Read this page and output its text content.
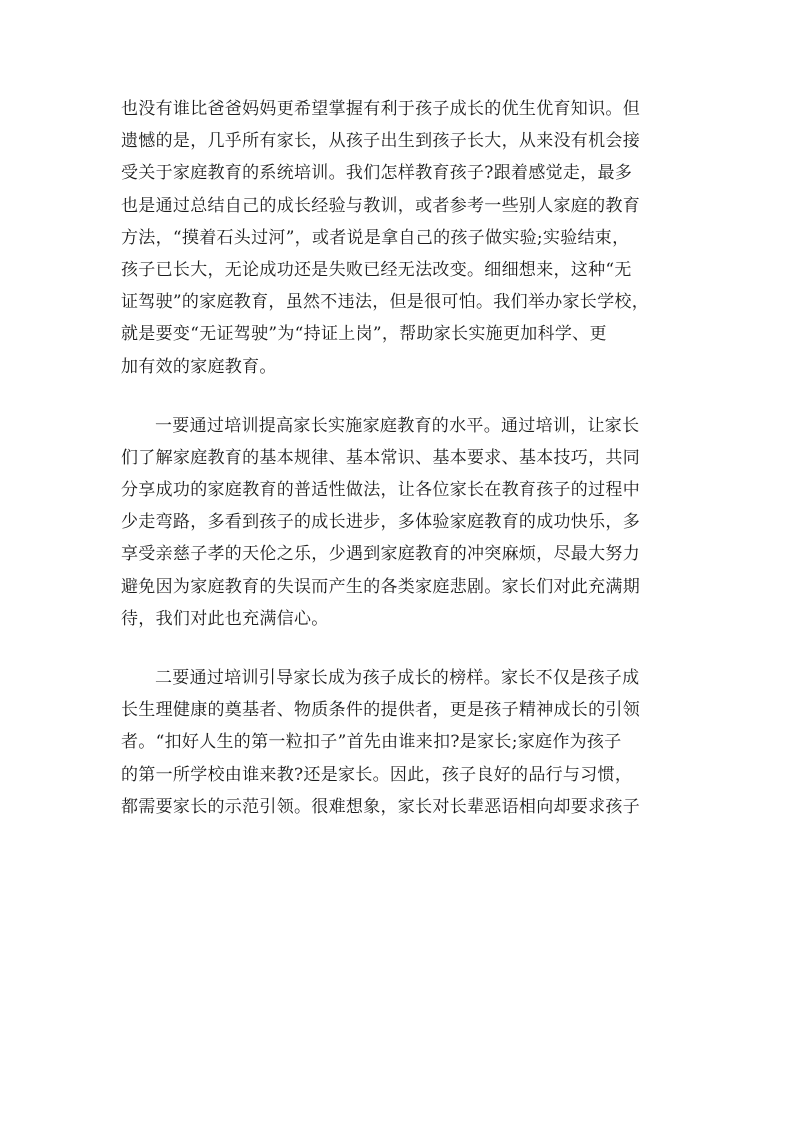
也没有谁比爸爸妈妈更希望掌握有利于孩子成长的优生优育知识。但
遗憾的是，几乎所有家长，从孩子出生到孩子长大，从来没有机会接
受关于家庭教育的系统培训。我们怎样教育孩子?跟着感觉走，最多
也是通过总结自己的成长经验与教训，或者参考一些别人家庭的教育
方法，“摸着石头过河”，或者说是拿自己的孩子做实验;实验结束，
孩子已长大，无论成功还是失败已经无法改变。细细想来，这种“无
证驾驶”的家庭教育，虽然不违法，但是很可怕。我们举办家长学校，
就是要变“无证驾驶”为“持证上岗”，帮助家长实施更加科学、更
加有效的家庭教育。
一要通过培训提高家长实施家庭教育的水平。通过培训，让家长
们了解家庭教育的基本规律、基本常识、基本要求、基本技巧，共同
分享成功的家庭教育的普适性做法，让各位家长在教育孩子的过程中
少走弯路，多看到孩子的成长进步，多体验家庭教育的成功快乐，多
享受亲慈子孝的天伦之乐，少遇到家庭教育的冲突麻烦，尽最大努力
避免因为家庭教育的失误而产生的各类家庭悲剧。家长们对此充满期
待，我们对此也充满信心。
二要通过培训引导家长成为孩子成长的榜样。家长不仅是孩子成
长生理健康的奠基者、物质条件的提供者，更是孩子精神成长的引领
者。“扣好人生的第一粒扣子”首先由谁来扣?是家长;家庭作为孩子
的第一所学校由谁来教?还是家长。因此，孩子良好的品行与习惯，
都需要家长的示范引领。很难想象，家长对长辈恶语相向却要求孩子
